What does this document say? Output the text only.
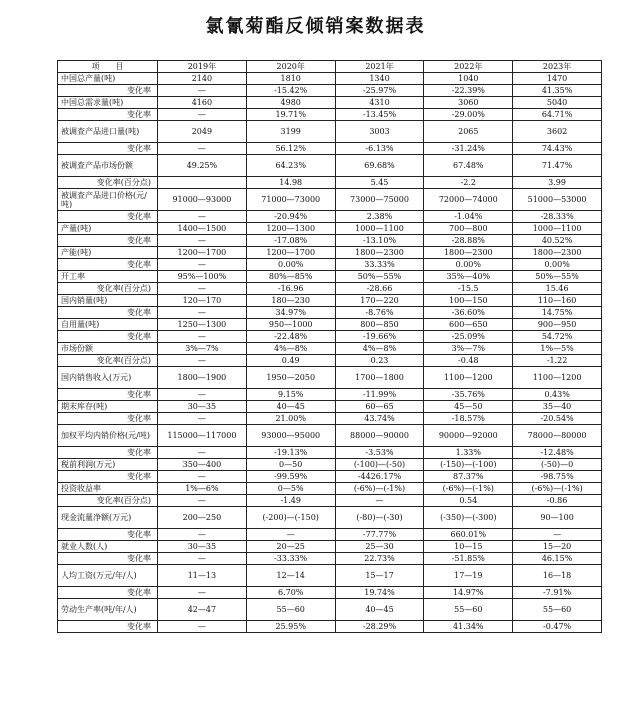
氯氰菊酯反倾销案数据表
项　　目	2019年	2020年	2021年	2022年	2023年
中国总产量(吨)	2140	1810	1340	1040	1470
变化率	—	-15.42%	-25.97%	-22.39%	41.35%
中国总需求量(吨)	4160	4980	4310	3060	5040
变化率	—	19.71%	-13.45%	-29.00%	64.71%
被调查产品进口量(吨)	2049	3199	3003	2065	3602
变化率	—	56.12%	-6.13%	-31.24%	74.43%
被调查产品市场份额	49.25%	64.23%	69.68%	67.48%	71.47%
变化率(百分点)		14.98	5.45	-2.2	3.99
被调查产品进口价格(元/吨)	91000—93000	71000—73000	73000—75000	72000—74000	51000—53000
变化率	—	-20.94%	2.38%	-1.04%	-28.33%
产量(吨)	1400—1500	1200—1300	1000—1100	700—800	1000—1100
变化率	—	-17.08%	-13.10%	-28.88%	40.52%
产能(吨)	1200—1700	1200—1700	1800—2300	1800—2300	1800—2300
变化率	—	0.00%	33.33%	0.00%	0.00%
开工率	95%—100%	80%—85%	50%—55%	35%—40%	50%—55%
变化率(百分点)	—	-16.96	-28.66	-15.5	15.46
国内销量(吨)	120—170	180—230	170—220	100—150	110—160
变化率	—	34.97%	-8.76%	-36.60%	14.75%
自用量(吨)	1250—1300	950—1000	800—850	600—650	900—950
变化率	—	-22.48%	-19.66%	-25.09%	54.72%
市场份额	3%—7%	4%—8%	4%—8%	3%—7%	1%—5%
变化率(百分点)	—	0.49	0.23	-0.48	-1.22
国内销售收入(万元)	1800—1900	1950—2050	1700—1800	1100—1200	1100—1200
变化率	—	9.15%	-11.99%	-35.76%	0.43%
期末库存(吨)	30—35	40—45	60—65	45—50	35—40
变化率	—	21.00%	43.74%	-18.57%	-20.54%
加权平均内销价格(元/吨)	115000—117000	93000—95000	88000—90000	90000—92000	78000—80000
变化率	—	-19.13%	-3.53%	1.33%	-12.48%
税前利润(万元)	350—400	0—50	(-100)—(-50)	(-150)—(-100)	(-50)—0
变化率	—	-99.59%	-4426.17%	87.37%	-98.75%
投资收益率	1%—6%	0—5%	(-6%)—(-1%)	(-6%)—(-1%)	(-6%)—(-1%)
变化率(百分点)	—	-1.49	—	0.54	-0.86
现金流量净额(万元)	200—250	(-200)—(-150)	(-80)—(-30)	(-350)—(-300)	90—100
变化率	—	—	-77.77%	660.01%	—
就业人数(人)	30—35	20—25	25—30	10—15	15—20
变化率	—	-33.33%	22.73%	-51.85%	46.15%
人均工资(万元/年/人)	11—13	12—14	15—17	17—19	16—18
变化率	—	6.70%	19.74%	14.97%	-7.91%
劳动生产率(吨/年/人)	42—47	55—60	40—45	55—60	55—60
变化率	—	25.95%	-28.29%	41.34%	-0.47%
